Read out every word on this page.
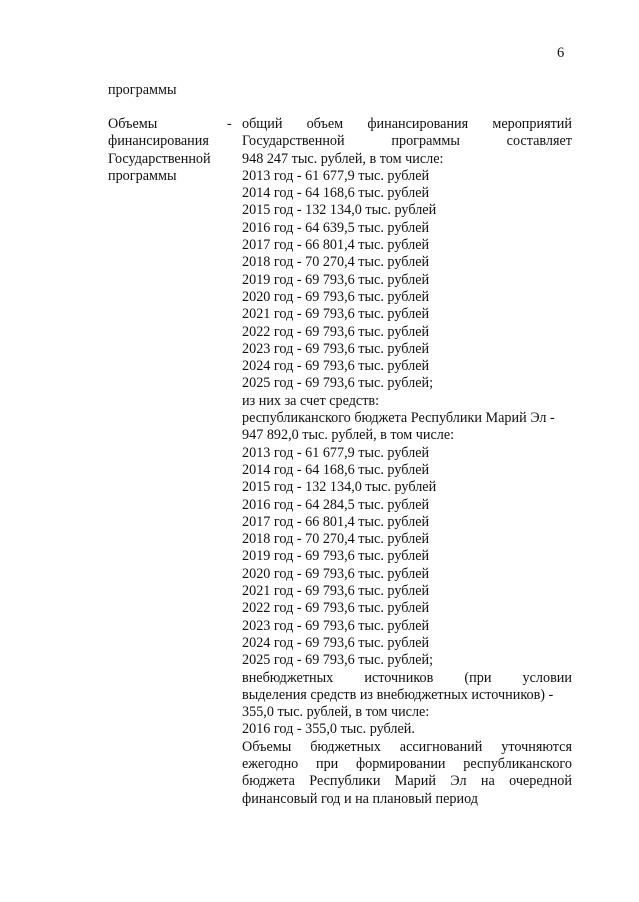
6
программы
Объемы
финансирования
Государственной
программы
- общий объем финансирования мероприятий
Государственной программы составляет
948 247 тыс. рублей, в том числе:
2013 год - 61 677,9 тыс. рублей
2014 год - 64 168,6 тыс. рублей
2015 год - 132 134,0 тыс. рублей
2016 год - 64 639,5 тыс. рублей
2017 год - 66 801,4 тыс. рублей
2018 год - 70 270,4 тыс. рублей
2019 год - 69 793,6 тыс. рублей
2020 год - 69 793,6 тыс. рублей
2021 год - 69 793,6 тыс. рублей
2022 год - 69 793,6 тыс. рублей
2023 год - 69 793,6 тыс. рублей
2024 год - 69 793,6 тыс. рублей
2025 год - 69 793,6 тыс. рублей;
из них за счет средств:
республиканского бюджета Республики Марий Эл -
947 892,0 тыс. рублей, в том числе:
2013 год - 61 677,9 тыс. рублей
2014 год - 64 168,6 тыс. рублей
2015 год - 132 134,0 тыс. рублей
2016 год - 64 284,5 тыс. рублей
2017 год - 66 801,4 тыс. рублей
2018 год - 70 270,4 тыс. рублей
2019 год - 69 793,6 тыс. рублей
2020 год - 69 793,6 тыс. рублей
2021 год - 69 793,6 тыс. рублей
2022 год - 69 793,6 тыс. рублей
2023 год - 69 793,6 тыс. рублей
2024 год - 69 793,6 тыс. рублей
2025 год - 69 793,6 тыс. рублей;
внебюджетных источников (при условии
выделения средств из внебюджетных источников) -
355,0 тыс. рублей, в том числе:
2016 год - 355,0 тыс. рублей.
Объемы бюджетных ассигнований уточняются
ежегодно при формировании республиканского
бюджета Республики Марий Эл на очередной
финансовый год и на плановый период
